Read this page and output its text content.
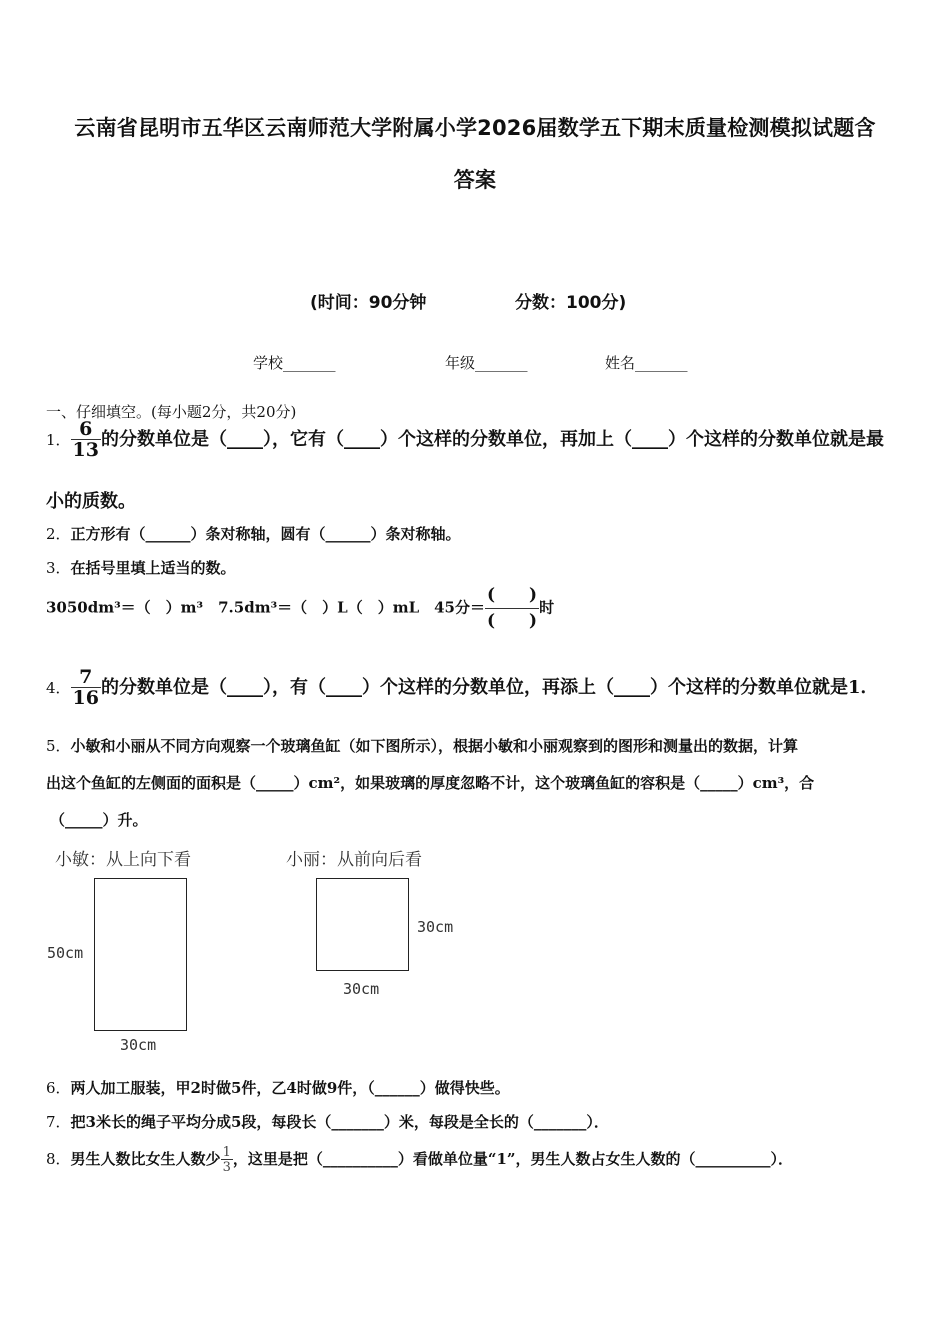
云南省昆明市五华区云南师范大学附属小学2026届数学五下期末质量检测模拟试题含
答案
(时间：90分钟	分数：100分)
学校_______	年级_______	姓名_______
一、仔细填空。(每小题2分，共20分)
1． $\frac{6}{13}$ 的分数单位是（____），它有（____）个这样的分数单位，再加上（____）个这样的分数单位就是最
小的质数。
2．正方形有（______）条对称轴，圆有（______）条对称轴。
3．在括号里填上适当的数。
3050dm³＝（　）m³　7.5dm³＝（　）L（　）mL　45分＝ $\frac{( )}{( )}$ 时
4． $\frac{7}{16}$ 的分数单位是（____），有（____）个这样的分数单位，再添上（____）个这样的分数单位就是1．
5．小敏和小丽从不同方向观察一个玻璃鱼缸（如下图所示），根据小敏和小丽观察到的图形和测量出的数据，计算
出这个鱼缸的左侧面的面积是（_____）cm²，如果玻璃的厚度忽略不计，这个玻璃鱼缸的容积是（_____）cm³，合
（_____）升。
小敏：从上向下看	小丽：从前向后看
50cm
30cm
30cm
30cm
6．两人加工服装，甲2时做5件，乙4时做9件，（______）做得快些。
7．把3米长的绳子平均分成5段，每段长（_______）米，每段是全长的（_______）．
8．男生人数比女生人数少 $\frac{1}{3}$ ，这里是把（__________）看做单位量“1”，男生人数占女生人数的（__________）．
